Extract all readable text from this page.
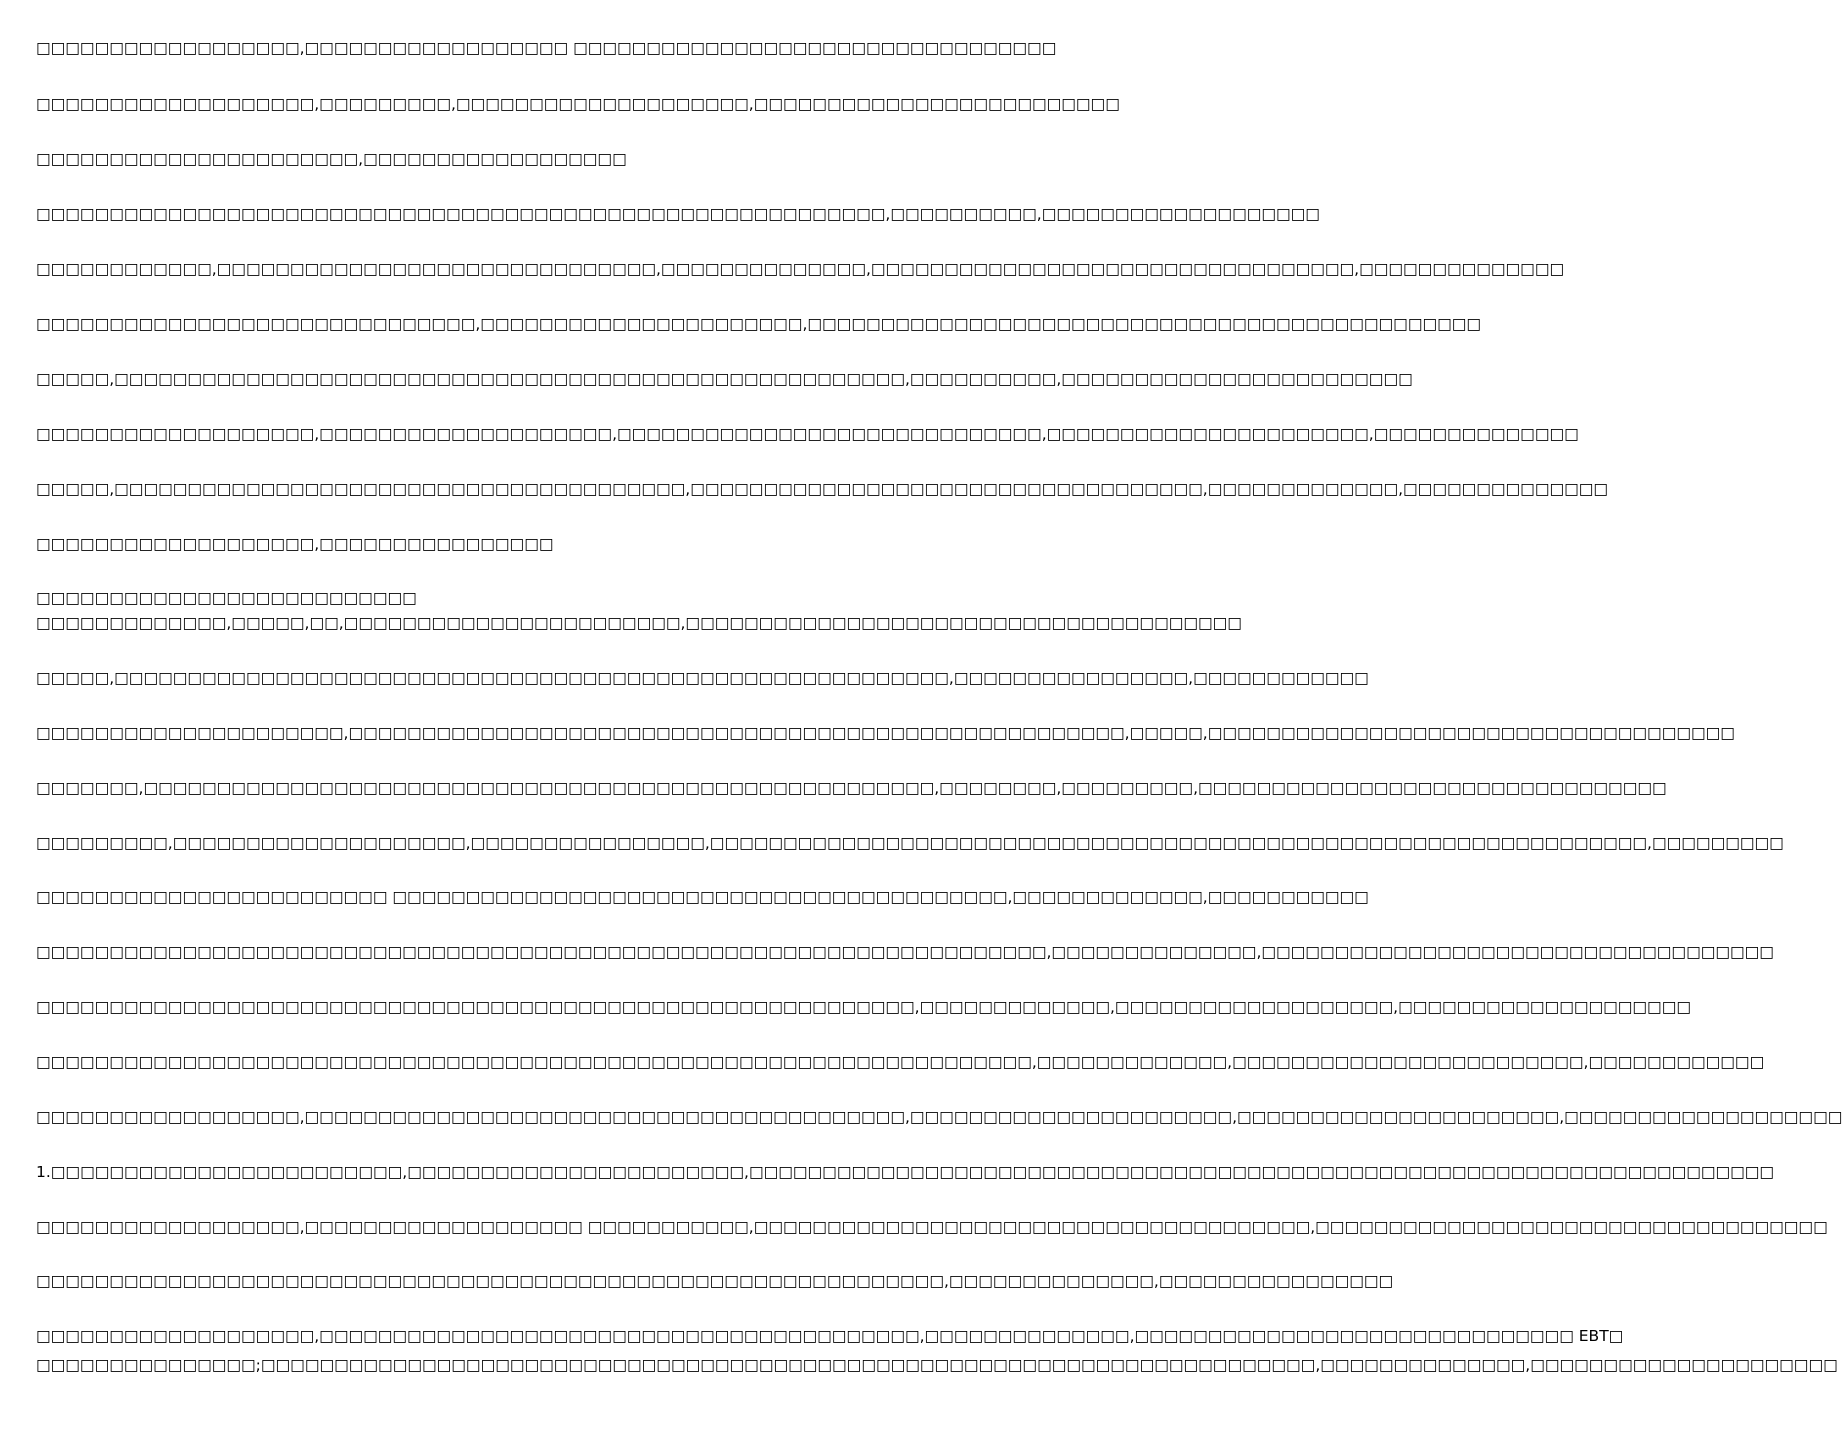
□□□□□□□□□□□□□□□□□□,□□□□□□□□□□□□□□□□□□ □□□□□□□□□□□□□□□□□□□□□□□□□□□□□□□□□
□□□□□□□□□□□□□□□□□□□,□□□□□□□□□,□□□□□□□□□□□□□□□□□□□□,□□□□□□□□□□□□□□□□□□□□□□□□□
□□□□□□□□□□□□□□□□□□□□□□,□□□□□□□□□□□□□□□□□□
□□□□□□□□□□□□□□□□□□□□□□□□□□□□□□□□□□□□□□□□□□□□□□□□□□□□□□□□□□,□□□□□□□□□□,□□□□□□□□□□□□□□□□□□□
□□□□□□□□□□□□,□□□□□□□□□□□□□□□□□□□□□□□□□□□□□□,□□□□□□□□□□□□□□,□□□□□□□□□□□□□□□□□□□□□□□□□□□□□□□□□,□□□□□□□□□□□□□□
□□□□□□□□□□□□□□□□□□□□□□□□□□□□□□,□□□□□□□□□□□□□□□□□□□□□□,□□□□□□□□□□□□□□□□□□□□□□□□□□□□□□□□□□□□□□□□□□□□□□
□□□□□,□□□□□□□□□□□□□□□□□□□□□□□□□□□□□□□□□□□□□□□□□□□□□□□□□□□□□□,□□□□□□□□□□,□□□□□□□□□□□□□□□□□□□□□□□□
□□□□□□□□□□□□□□□□□□□,□□□□□□□□□□□□□□□□□□□□,□□□□□□□□□□□□□□□□□□□□□□□□□□□□□,□□□□□□□□□□□□□□□□□□□□□□,□□□□□□□□□□□□□□
□□□□□,□□□□□□□□□□□□□□□□□□□□□□□□□□□□□□□□□□□□□□□,□□□□□□□□□□□□□□□□□□□□□□□□□□□□□□□□□□□,□□□□□□□□□□□□□,□□□□□□□□□□□□□□
□□□□□□□□□□□□□□□□□□□,□□□□□□□□□□□□□□□□
□□□□□□□□□□□□□□□□□□□□□□□□□□
□□□□□□□□□□□□□,□□□□□,□□,□□□□□□□□□□□□□□□□□□□□□□□,□□□□□□□□□□□□□□□□□□□□□□□□□□□□□□□□□□□□□□
□□□□□,□□□□□□□□□□□□□□□□□□□□□□□□□□□□□□□□□□□□□□□□□□□□□□□□□□□□□□□□□,□□□□□□□□□□□□□□□□,□□□□□□□□□□□□
□□□□□□□□□□□□□□□□□□□□□,□□□□□□□□□□□□□□□□□□□□□□□□□□□□□□□□□□□□□□□□□□□□□□□□□□□□□,□□□□□,□□□□□□□□□□□□□□□□□□□□□□□□□□□□□□□□□□□□
□□□□□□□,□□□□□□□□□□□□□□□□□□□□□□□□□□□□□□□□□□□□□□□□□□□□□□□□□□□□□□,□□□□□□□□,□□□□□□□□□,□□□□□□□□□□□□□□□□□□□□□□□□□□□□□□□□
□□□□□□□□□,□□□□□□□□□□□□□□□□□□□□,□□□□□□□□□□□□□□□□,□□□□□□□□□□□□□□□□□□□□□□□□□□□□□□□□□□□□□□□□□□□□□□□□□□□□□□□□□□□□□□□□,□□□□□□□□□
□□□□□□□□□□□□□□□□□□□□□□□□ □□□□□□□□□□□□□□□□□□□□□□□□□□□□□□□□□□□□□□□□□□,□□□□□□□□□□□□□,□□□□□□□□□□□
□□□□□□□□□□□□□□□□□□□□□□□□□□□□□□□□□□□□□□□□□□□□□□□□□□□□□□□□□□□□□□□□□□□□□,□□□□□□□□□□□□□□,□□□□□□□□□□□□□□□□□□□□□□□□□□□□□□□□□□□
□□□□□□□□□□□□□□□□□□□□□□□□□□□□□□□□□□□□□□□□□□□□□□□□□□□□□□□□□□□□,□□□□□□□□□□□□□,□□□□□□□□□□□□□□□□□□□,□□□□□□□□□□□□□□□□□□□□
□□□□□□□□□□□□□□□□□□□□□□□□□□□□□□□□□□□□□□□□□□□□□□□□□□□□□□□□□□□□□□□□□□□□,□□□□□□□□□□□□□,□□□□□□□□□□□□□□□□□□□□□□□□,□□□□□□□□□□□□
□□□□□□□□□□□□□□□□□□,□□□□□□□□□□□□□□□□□□□□□□□□□□□□□□□□□□□□□□□□□,□□□□□□□□□□□□□□□□□□□□□□,□□□□□□□□□□□□□□□□□□□□□□,□□□□□□□□□□□□□□□□□□□
1.□□□□□□□□□□□□□□□□□□□□□□□□,□□□□□□□□□□□□□□□□□□□□□□□,□□□□□□□□□□□□□□□□□□□□□□□□□□□□□□□□□□□□□□□□□□□□□□□□□□□□□□□□□□□□□□□□□□□□□□
□□□□□□□□□□□□□□□□□□,□□□□□□□□□□□□□□□□□□□ □□□□□□□□□□□,□□□□□□□□□□□□□□□□□□□□□□□□□□□□□□□□□□□□□□,□□□□□□□□□□□□□□□□□□□□□□□□□□□□□□□□□□□
□□□□□□□□□□□□□□□□□□□□□□□□□□□□□□□□□□□□□□□□□□□□□□□□□□□□□□□□□□□□□□,□□□□□□□□□□□□□□,□□□□□□□□□□□□□□□□
□□□□□□□□□□□□□□□□□□□,□□□□□□□□□□□□□□□□□□□□□□□□□□□□□□□□□□□□□□□□□,□□□□□□□□□□□□□□,□□□□□□□□□□□□□□□□□□□□□□□□□□□□□□ EBT□
□□□□□□□□□□□□□□□;□□□□□□□□□□□□□□□□□□□□□□□□□□□□□□□□□□□□□□□□□□□□□□□□□□□□□□□□□□□□□□□□□□□□□□□□,□□□□□□□□□□□□□□,□□□□□□□□□□□□□□□□□□□□□
